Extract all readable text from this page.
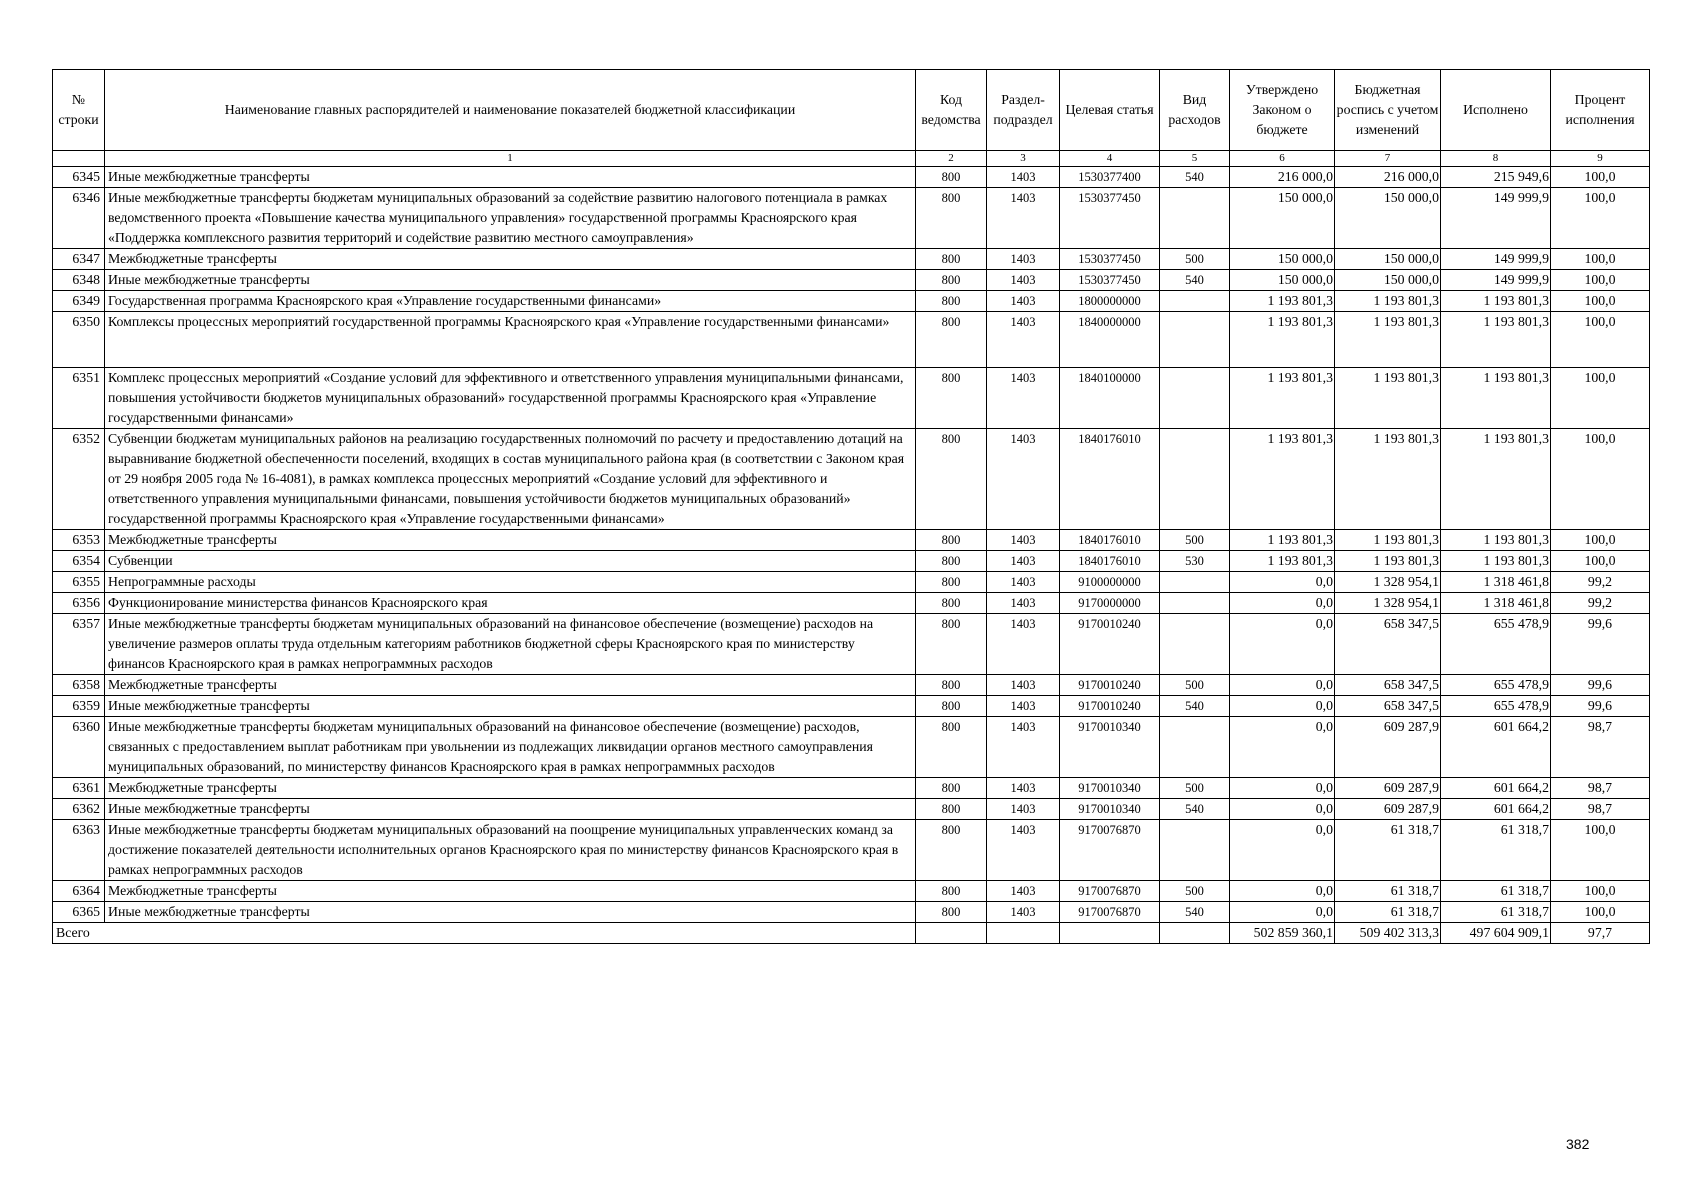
№ строки	Наименование главных распорядителей и наименование показателей бюджетной классификации	Код ведомства	Раздел-подраздел	Целевая статья	Вид расходов	Утверждено Законом о бюджете	Бюджетная роспись с учетом изменений	Исполнено	Процент исполнения
	1	2	3	4	5	6	7	8	9
6345	Иные межбюджетные трансферты	800	1403	1530377400	540	216 000,0	216 000,0	215 949,6	100,0
6346	Иные межбюджетные трансферты бюджетам муниципальных образований за содействие развитию налогового потенциала в рамках ведомственного проекта «Повышение качества муниципального управления» государственной программы Красноярского края «Поддержка комплексного развития территорий и содействие развитию местного самоуправления»	800	1403	1530377450		150 000,0	150 000,0	149 999,9	100,0
6347	Межбюджетные трансферты	800	1403	1530377450	500	150 000,0	150 000,0	149 999,9	100,0
6348	Иные межбюджетные трансферты	800	1403	1530377450	540	150 000,0	150 000,0	149 999,9	100,0
6349	Государственная программа Красноярского края «Управление государственными финансами»	800	1403	1800000000		1 193 801,3	1 193 801,3	1 193 801,3	100,0
6350	Комплексы процессных мероприятий государственной программы Красноярского края «Управление государственными финансами»	800	1403	1840000000		1 193 801,3	1 193 801,3	1 193 801,3	100,0
6351	Комплекс процессных мероприятий «Создание условий для эффективного и ответственного управления муниципальными финансами, повышения устойчивости бюджетов муниципальных образований» государственной программы Красноярского края «Управление государственными финансами»	800	1403	1840100000		1 193 801,3	1 193 801,3	1 193 801,3	100,0
6352	Субвенции бюджетам муниципальных районов на реализацию государственных полномочий по расчету и предоставлению дотаций на выравнивание бюджетной обеспеченности поселений, входящих в состав муниципального района края (в соответствии с Законом края от 29 ноября 2005 года № 16-4081), в рамках комплекса процессных мероприятий «Создание условий для эффективного и ответственного управления муниципальными финансами, повышения устойчивости бюджетов муниципальных образований» государственной программы Красноярского края «Управление государственными финансами»	800	1403	1840176010		1 193 801,3	1 193 801,3	1 193 801,3	100,0
6353	Межбюджетные трансферты	800	1403	1840176010	500	1 193 801,3	1 193 801,3	1 193 801,3	100,0
6354	Субвенции	800	1403	1840176010	530	1 193 801,3	1 193 801,3	1 193 801,3	100,0
6355	Непрограммные расходы	800	1403	9100000000		0,0	1 328 954,1	1 318 461,8	99,2
6356	Функционирование министерства финансов Красноярского края	800	1403	9170000000		0,0	1 328 954,1	1 318 461,8	99,2
6357	Иные межбюджетные трансферты бюджетам муниципальных образований на финансовое обеспечение (возмещение) расходов на увеличение размеров оплаты труда отдельным категориям работников бюджетной сферы Красноярского края по министерству финансов Красноярского края в рамках непрограммных расходов	800	1403	9170010240		0,0	658 347,5	655 478,9	99,6
6358	Межбюджетные трансферты	800	1403	9170010240	500	0,0	658 347,5	655 478,9	99,6
6359	Иные межбюджетные трансферты	800	1403	9170010240	540	0,0	658 347,5	655 478,9	99,6
6360	Иные межбюджетные трансферты бюджетам муниципальных образований на финансовое обеспечение (возмещение) расходов, связанных с предоставлением выплат работникам при увольнении из подлежащих ликвидации органов местного самоуправления муниципальных образований, по министерству финансов Красноярского края в рамках непрограммных расходов	800	1403	9170010340		0,0	609 287,9	601 664,2	98,7
6361	Межбюджетные трансферты	800	1403	9170010340	500	0,0	609 287,9	601 664,2	98,7
6362	Иные межбюджетные трансферты	800	1403	9170010340	540	0,0	609 287,9	601 664,2	98,7
6363	Иные межбюджетные трансферты бюджетам муниципальных образований на поощрение муниципальных управленческих команд за достижение показателей деятельности исполнительных органов Красноярского края по министерству финансов Красноярского края в рамках непрограммных расходов	800	1403	9170076870		0,0	61 318,7	61 318,7	100,0
6364	Межбюджетные трансферты	800	1403	9170076870	500	0,0	61 318,7	61 318,7	100,0
6365	Иные межбюджетные трансферты	800	1403	9170076870	540	0,0	61 318,7	61 318,7	100,0
Всего						502 859 360,1	509 402 313,3	497 604 909,1	97,7
382
